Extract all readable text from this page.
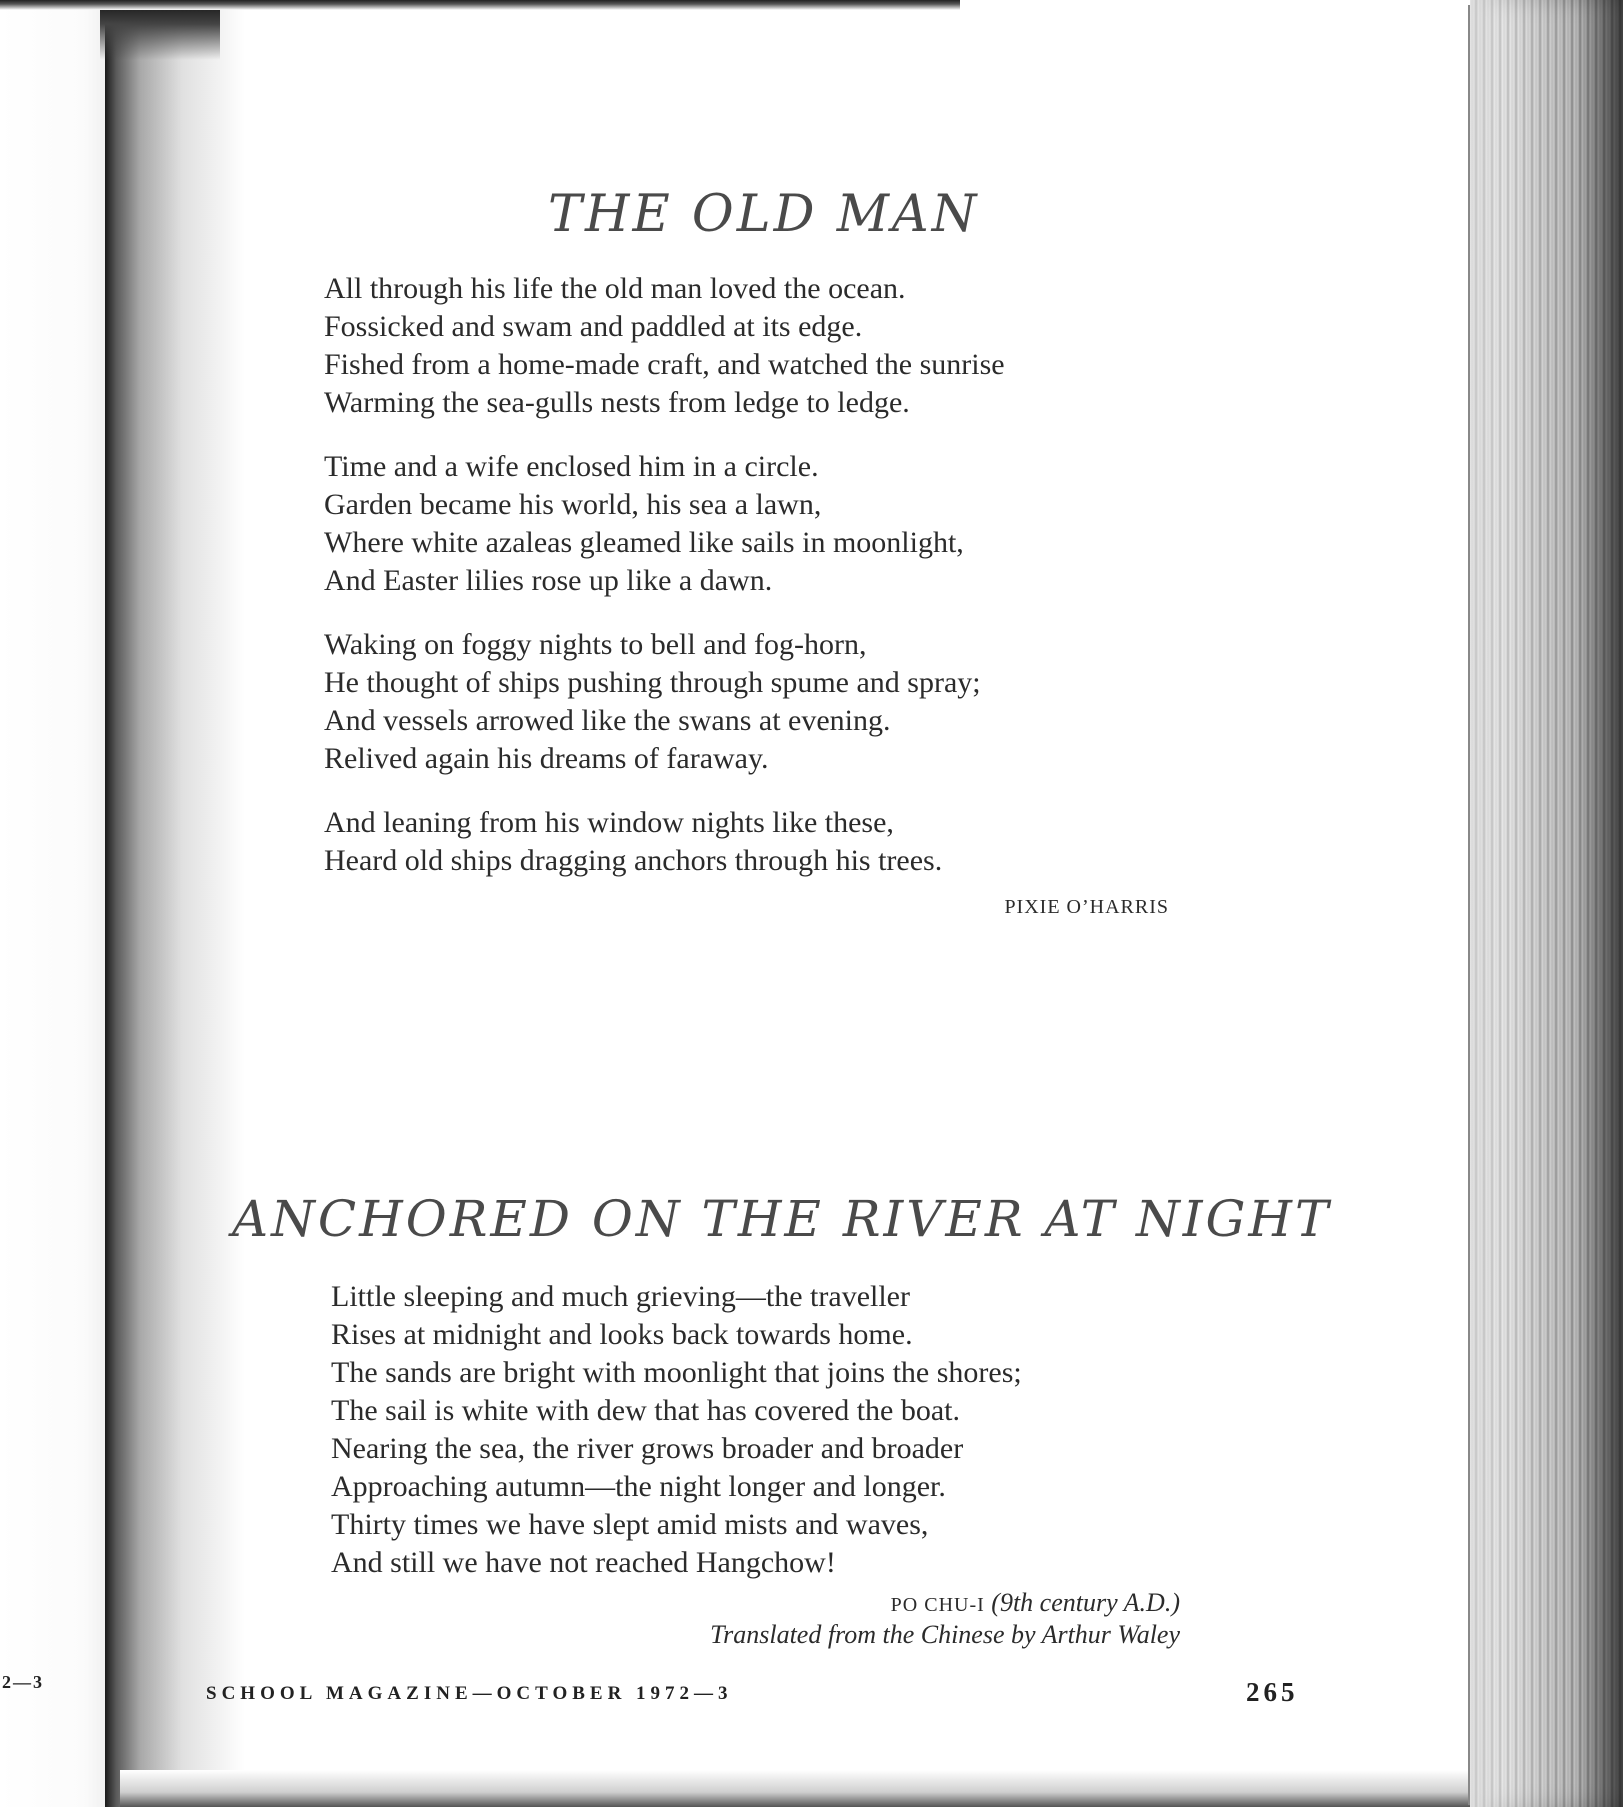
2—3
THE OLD MAN
All through his life the old man loved the ocean.
Fossicked and swam and paddled at its edge.
Fished from a home-made craft, and watched the sunrise
Warming the sea-gulls nests from ledge to ledge.
Time and a wife enclosed him in a circle.
Garden became his world, his sea a lawn,
Where white azaleas gleamed like sails in moonlight,
And Easter lilies rose up like a dawn.
Waking on foggy nights to bell and fog-horn,
He thought of ships pushing through spume and spray;
And vessels arrowed like the swans at evening.
Relived again his dreams of faraway.
And leaning from his window nights like these,
Heard old ships dragging anchors through his trees.
PIXIE O’HARRIS
ANCHORED ON THE RIVER AT NIGHT
Little sleeping and much grieving—the traveller
Rises at midnight and looks back towards home.
The sands are bright with moonlight that joins the shores;
The sail is white with dew that has covered the boat.
Nearing the sea, the river grows broader and broader
Approaching autumn—the night longer and longer.
Thirty times we have slept amid mists and waves,
And still we have not reached Hangchow!
PO CHU-I (9th century A.D.)
Translated from the Chinese by Arthur Waley
SCHOOL MAGAZINE—OCTOBER 1972—3	265
